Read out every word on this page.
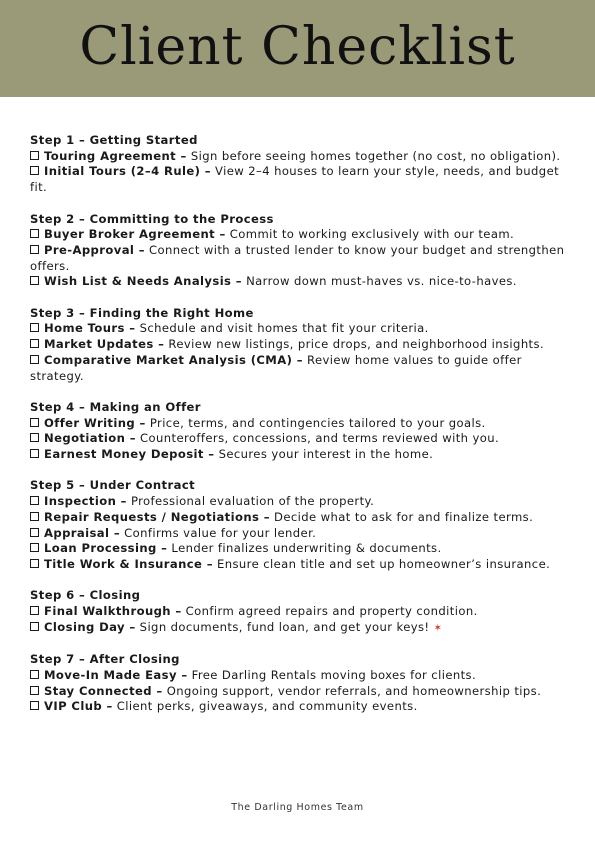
Client Checklist
Step 1 – Getting Started
Touring Agreement – Sign before seeing homes together (no cost, no obligation).
Initial Tours (2–4 Rule) – View 2–4 houses to learn your style, needs, and budget fit.
Step 2 – Committing to the Process
Buyer Broker Agreement – Commit to working exclusively with our team.
Pre-Approval – Connect with a trusted lender to know your budget and strengthen offers.
Wish List & Needs Analysis – Narrow down must-haves vs. nice-to-haves.
Step 3 – Finding the Right Home
Home Tours – Schedule and visit homes that fit your criteria.
Market Updates – Review new listings, price drops, and neighborhood insights.
Comparative Market Analysis (CMA) – Review home values to guide offer strategy.
Step 4 – Making an Offer
Offer Writing – Price, terms, and contingencies tailored to your goals.
Negotiation – Counteroffers, concessions, and terms reviewed with you.
Earnest Money Deposit – Secures your interest in the home.
Step 5 – Under Contract
Inspection – Professional evaluation of the property.
Repair Requests / Negotiations – Decide what to ask for and finalize terms.
Appraisal – Confirms value for your lender.
Loan Processing – Lender finalizes underwriting & documents.
Title Work & Insurance – Ensure clean title and set up homeowner’s insurance.
Step 6 – Closing
Final Walkthrough – Confirm agreed repairs and property condition.
Closing Day – Sign documents, fund loan, and get your keys! ✶
Step 7 – After Closing
Move-In Made Easy – Free Darling Rentals moving boxes for clients.
Stay Connected – Ongoing support, vendor referrals, and homeownership tips.
VIP Club – Client perks, giveaways, and community events.
The Darling Homes Team
